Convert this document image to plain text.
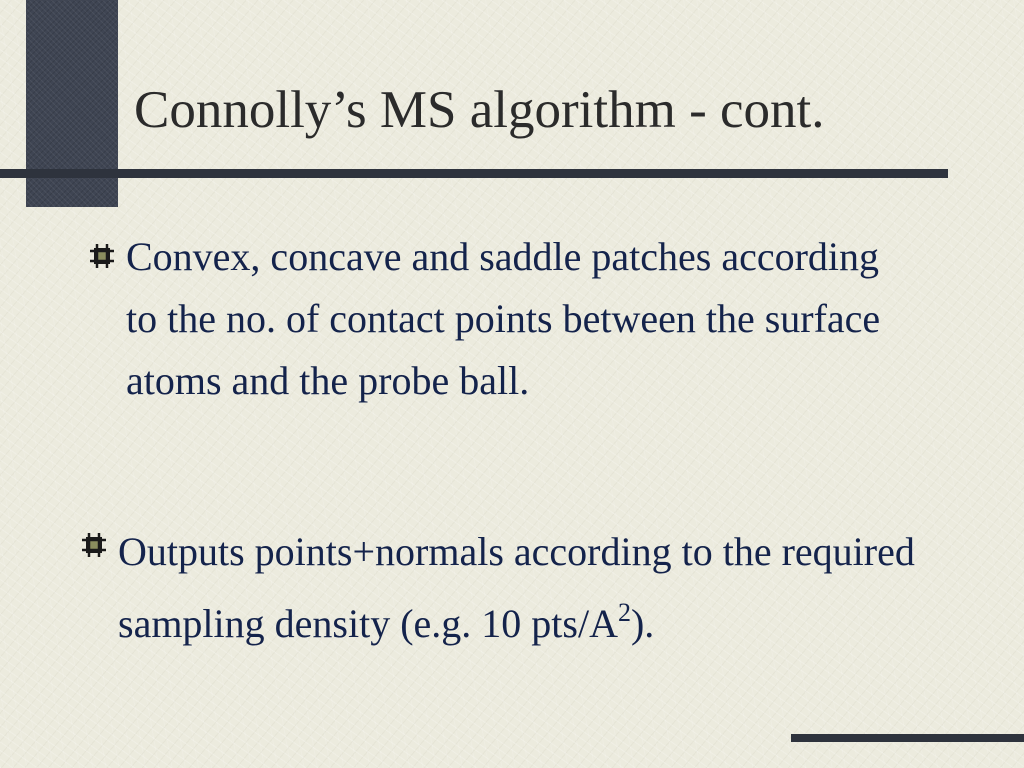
Connolly’s MS algorithm - cont.

Convex, concave and saddle patches according to the no. of contact points between the surface atoms and the probe ball.

Outputs points+normals according to the required sampling density (e.g. 10 pts/$A^2$).
